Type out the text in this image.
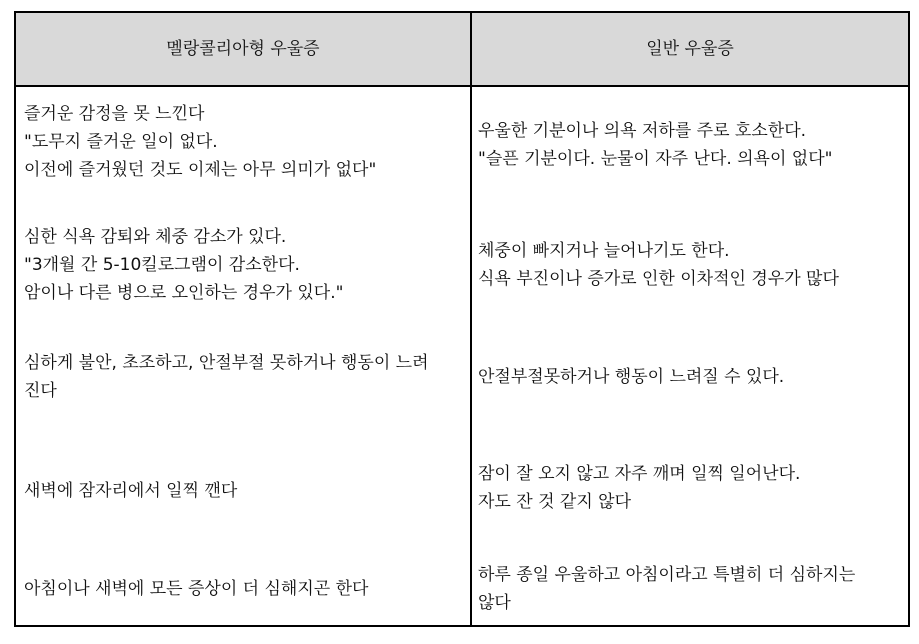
멜랑콜리아형 우울증	일반 우울증
즐거운 감정을 못 느낀다
"도무지 즐거운 일이 없다.
이전에 즐거웠던 것도 이제는 아무 의미가 없다"
우울한 기분이나 의욕 저하를 주로 호소한다.
"슬픈 기분이다. 눈물이 자주 난다. 의욕이 없다"
심한 식욕 감퇴와 체중 감소가 있다.
"3개월 간 5-10킬로그램이 감소한다.
암이나 다른 병으로 오인하는 경우가 있다."
체중이 빠지거나 늘어나기도 한다.
식욕 부진이나 증가로 인한 이차적인 경우가 많다
심하게 불안, 초조하고, 안절부절 못하거나 행동이 느려
진다
안절부절못하거나 행동이 느려질 수 있다.
새벽에 잠자리에서 일찍 깬다
잠이 잘 오지 않고 자주 깨며 일찍 일어난다.
자도 잔 것 같지 않다
아침이나 새벽에 모든 증상이 더 심해지곤 한다
하루 종일 우울하고 아침이라고 특별히 더 심하지는
않다
